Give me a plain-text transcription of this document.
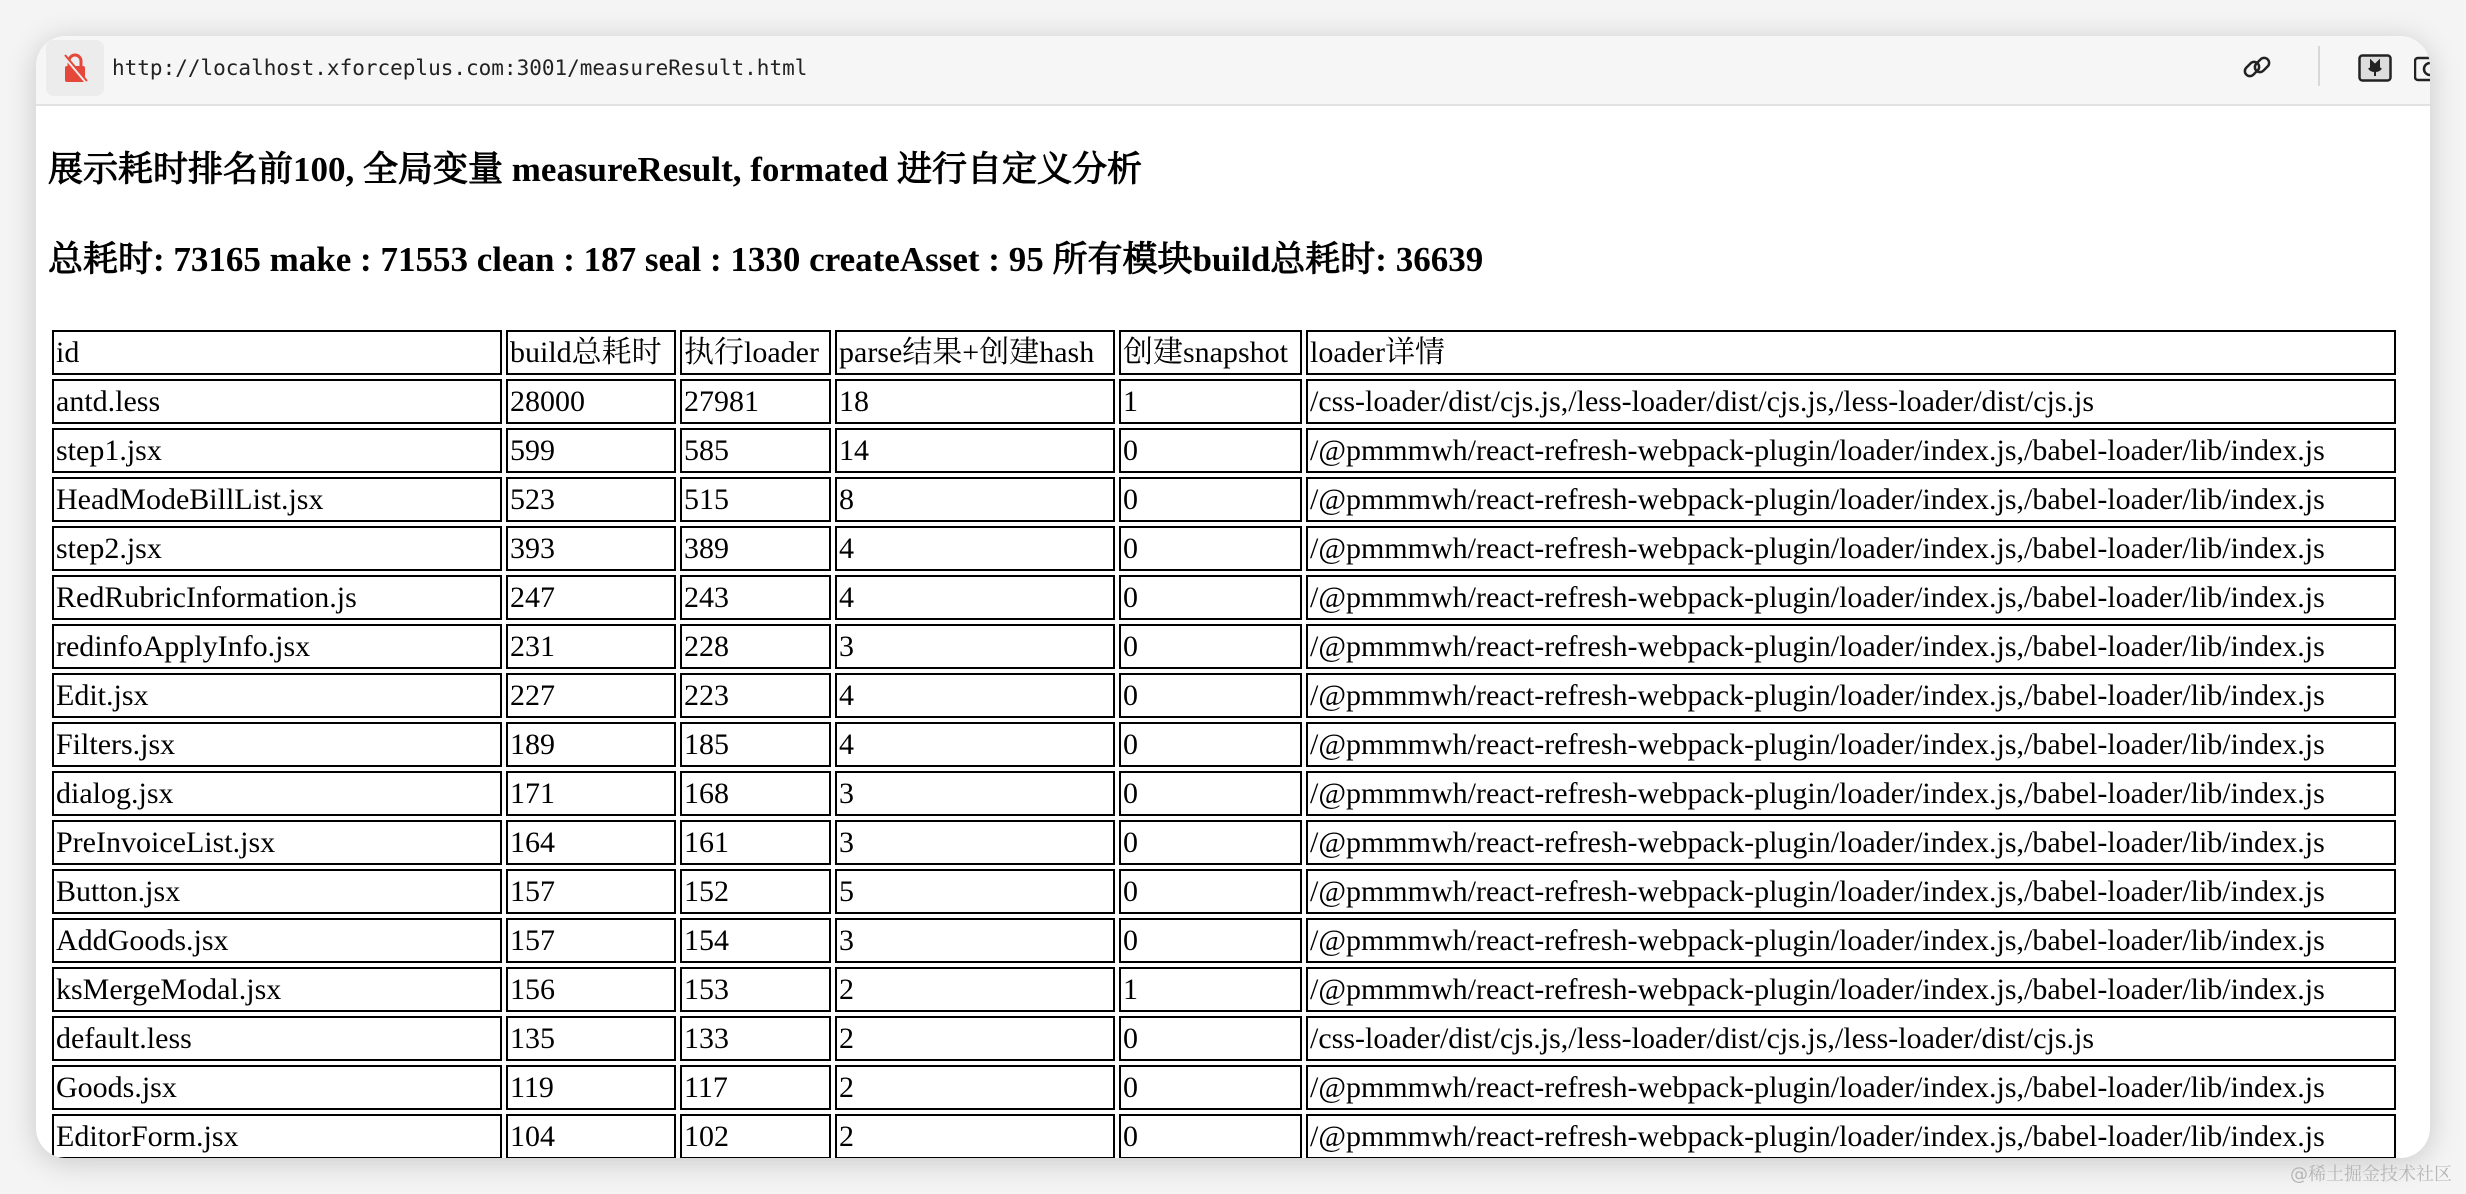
http://localhost.xforceplus.com:3001/measureResult.html
展示耗时排名前100, 全局变量 measureResult, formated 进行自定义分析
总耗时: 73165 make : 71553 clean : 187 seal : 1330 createAsset : 95 所有模块build总耗时: 36639
id	build总耗时	执行loader	parse结果+创建hash	创建snapshot	loader详情
antd.less	28000	27981	18	1	/css-loader/dist/cjs.js,/less-loader/dist/cjs.js,/less-loader/dist/cjs.js
step1.jsx	599	585	14	0	/@pmmmwh/react-refresh-webpack-plugin/loader/index.js,/babel-loader/lib/index.js
HeadModeBillList.jsx	523	515	8	0	/@pmmmwh/react-refresh-webpack-plugin/loader/index.js,/babel-loader/lib/index.js
step2.jsx	393	389	4	0	/@pmmmwh/react-refresh-webpack-plugin/loader/index.js,/babel-loader/lib/index.js
RedRubricInformation.js	247	243	4	0	/@pmmmwh/react-refresh-webpack-plugin/loader/index.js,/babel-loader/lib/index.js
redinfoApplyInfo.jsx	231	228	3	0	/@pmmmwh/react-refresh-webpack-plugin/loader/index.js,/babel-loader/lib/index.js
Edit.jsx	227	223	4	0	/@pmmmwh/react-refresh-webpack-plugin/loader/index.js,/babel-loader/lib/index.js
Filters.jsx	189	185	4	0	/@pmmmwh/react-refresh-webpack-plugin/loader/index.js,/babel-loader/lib/index.js
dialog.jsx	171	168	3	0	/@pmmmwh/react-refresh-webpack-plugin/loader/index.js,/babel-loader/lib/index.js
PreInvoiceList.jsx	164	161	3	0	/@pmmmwh/react-refresh-webpack-plugin/loader/index.js,/babel-loader/lib/index.js
Button.jsx	157	152	5	0	/@pmmmwh/react-refresh-webpack-plugin/loader/index.js,/babel-loader/lib/index.js
AddGoods.jsx	157	154	3	0	/@pmmmwh/react-refresh-webpack-plugin/loader/index.js,/babel-loader/lib/index.js
ksMergeModal.jsx	156	153	2	1	/@pmmmwh/react-refresh-webpack-plugin/loader/index.js,/babel-loader/lib/index.js
default.less	135	133	2	0	/css-loader/dist/cjs.js,/less-loader/dist/cjs.js,/less-loader/dist/cjs.js
Goods.jsx	119	117	2	0	/@pmmmwh/react-refresh-webpack-plugin/loader/index.js,/babel-loader/lib/index.js
EditorForm.jsx	104	102	2	0	/@pmmmwh/react-refresh-webpack-plugin/loader/index.js,/babel-loader/lib/index.js
@稀土掘金技术社区
